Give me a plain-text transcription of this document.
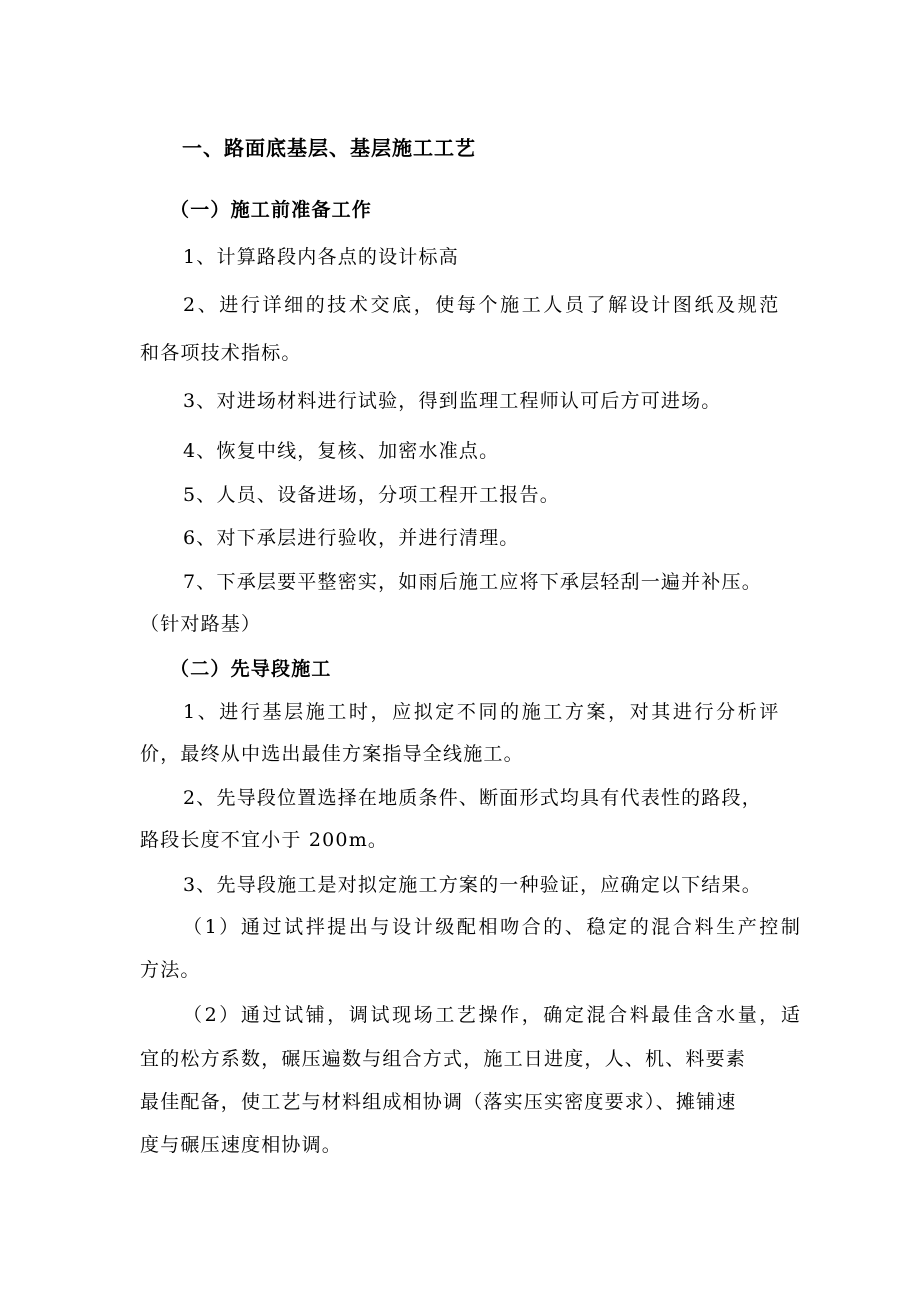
一、路面底基层、基层施工工艺
（一）施工前准备工作
1、计算路段内各点的设计标高
2、进行详细的技术交底，使每个施工人员了解设计图纸及规范
和各项技术指标。
3、对进场材料进行试验，得到监理工程师认可后方可进场。
4、恢复中线，复核、加密水准点。
5、人员、设备进场，分项工程开工报告。
6、对下承层进行验收，并进行清理。
7、下承层要平整密实，如雨后施工应将下承层轻刮一遍并补压。
（针对路基）
（二）先导段施工
1、进行基层施工时，应拟定不同的施工方案，对其进行分析评
价，最终从中选出最佳方案指导全线施工。
2、先导段位置选择在地质条件、断面形式均具有代表性的路段，
路段长度不宜小于 200m。
3、先导段施工是对拟定施工方案的一种验证，应确定以下结果。
（1）通过试拌提出与设计级配相吻合的、稳定的混合料生产控制
方法。
（2）通过试铺，调试现场工艺操作，确定混合料最佳含水量，适
宜的松方系数，碾压遍数与组合方式，施工日进度，人、机、料要素
最佳配备，使工艺与材料组成相协调（落实压实密度要求）、摊铺速
度与碾压速度相协调。
